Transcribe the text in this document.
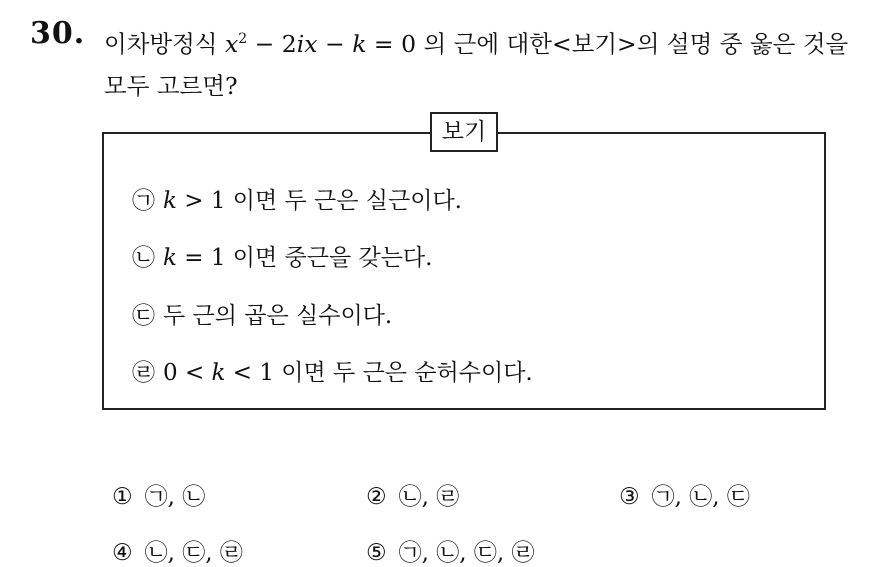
30. 이차방정식 $x^2 - 2ix - k = 0$ 의 근에 대한<보기>의 설명 중 옳은 것을 모두 고르면?
보기
㉠ k > 1 이면 두 근은 실근이다.
㉡ k = 1 이면 중근을 갖는다.
㉢ 두 근의 곱은 실수이다.
㉣ 0 < k < 1 이면 두 근은 순허수이다.
① ㉠, ㉡	② ㉡, ㉣	③ ㉠, ㉡, ㉢
④ ㉡, ㉢, ㉣	⑤ ㉠, ㉡, ㉢, ㉣
